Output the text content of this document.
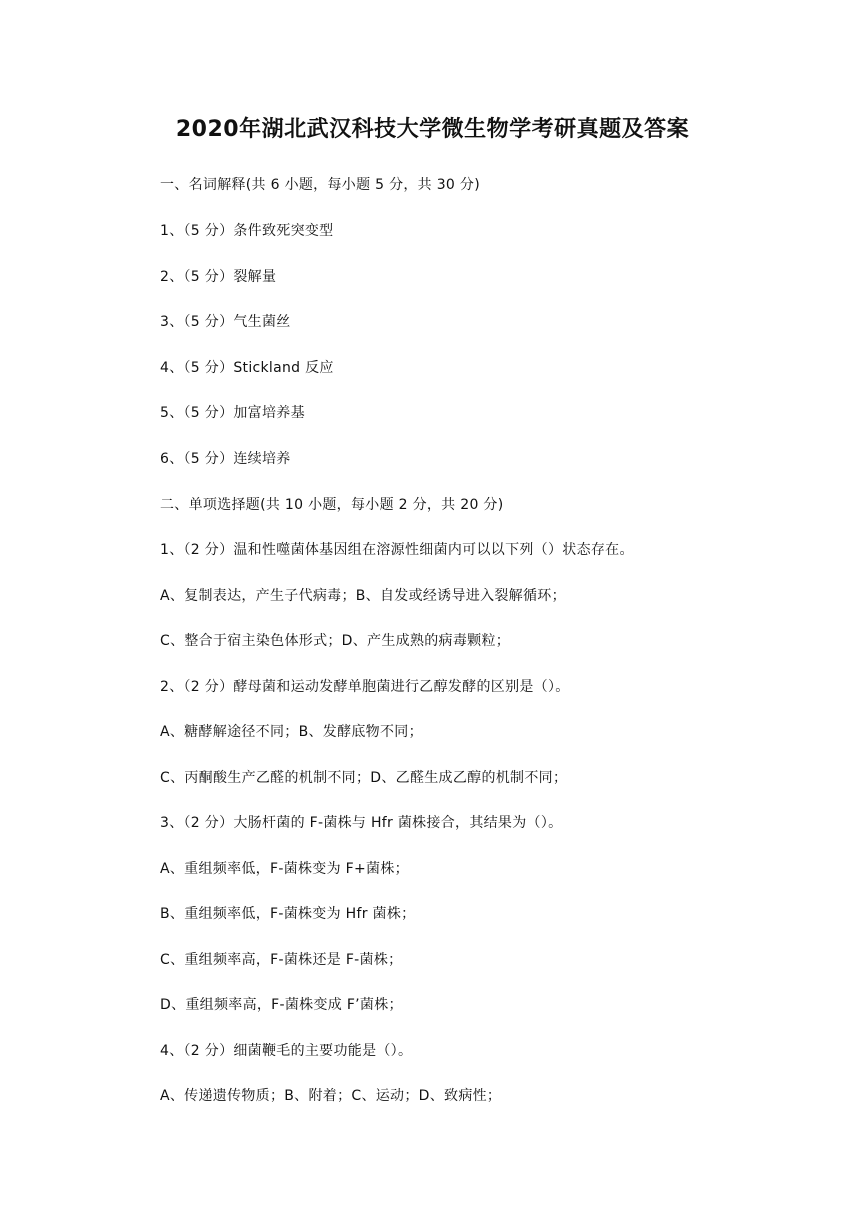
2020年湖北武汉科技大学微生物学考研真题及答案
一、名词解释(共 6 小题，每小题 5 分，共 30 分)
1、（5 分）条件致死突变型
2、（5 分）裂解量
3、（5 分）气生菌丝
4、（5 分）Stickland 反应
5、（5 分）加富培养基
6、（5 分）连续培养
二、单项选择题(共 10 小题，每小题 2 分，共 20 分)
1、（2 分）温和性噬菌体基因组在溶源性细菌内可以以下列（）状态存在。
A、复制表达，产生子代病毒；B、自发或经诱导进入裂解循环；
C、整合于宿主染色体形式；D、产生成熟的病毒颗粒；
2、（2 分）酵母菌和运动发酵单胞菌进行乙醇发酵的区别是（）。
A、糖酵解途径不同；B、发酵底物不同；
C、丙酮酸生产乙醛的机制不同；D、乙醛生成乙醇的机制不同；
3、（2 分）大肠杆菌的 F-菌株与 Hfr 菌株接合，其结果为（）。
A、重组频率低，F-菌株变为 F+菌株；
B、重组频率低，F-菌株变为 Hfr 菌株；
C、重组频率高，F-菌株还是 F-菌株；
D、重组频率高，F-菌株变成 F’菌株；
4、（2 分）细菌鞭毛的主要功能是（）。
A、传递遗传物质；B、附着；C、运动；D、致病性；
